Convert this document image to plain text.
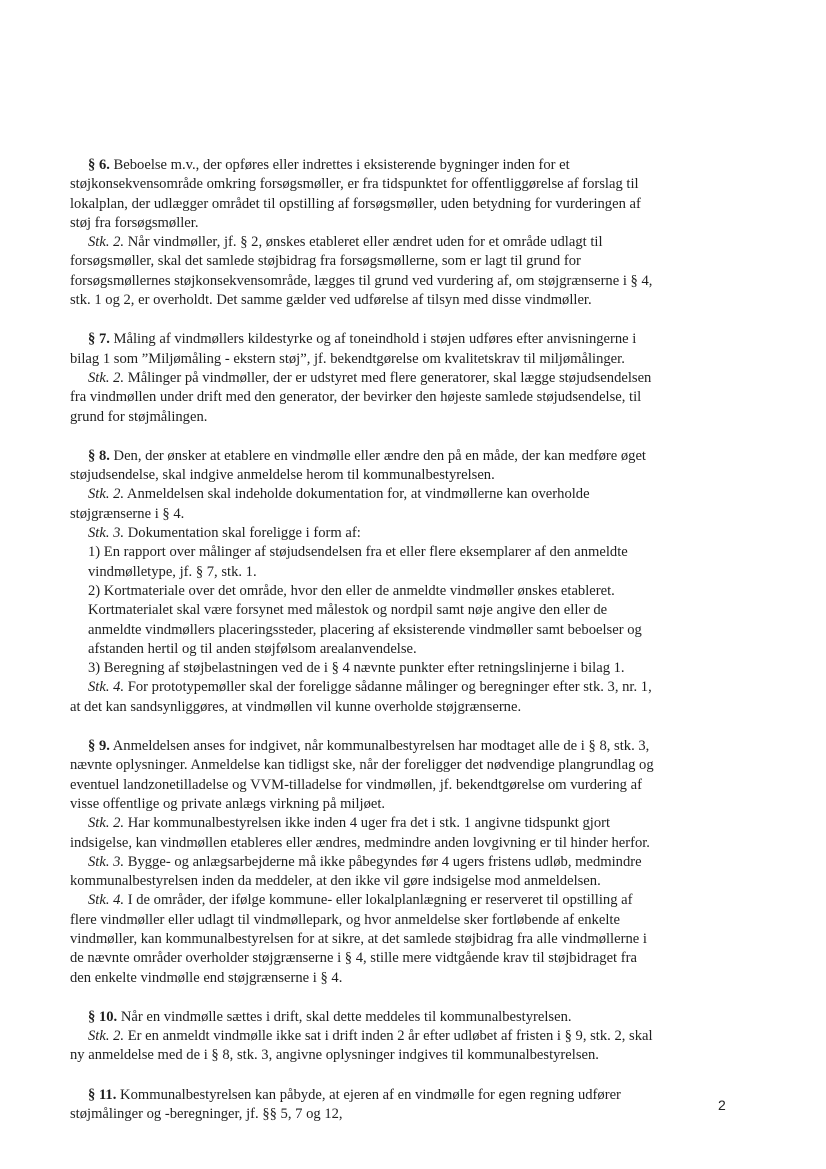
§ 6. Beboelse m.v., der opføres eller indrettes i eksisterende bygninger inden for et
støjkonsekvensområde omkring forsøgsmøller, er fra tidspunktet for offentliggørelse af forslag til
lokalplan, der udlægger området til opstilling af forsøgsmøller, uden betydning for vurderingen af
støj fra forsøgsmøller.
Stk. 2. Når vindmøller, jf. § 2, ønskes etableret eller ændret uden for et område udlagt til
forsøgsmøller, skal det samlede støjbidrag fra forsøgsmøllerne, som er lagt til grund for
forsøgsmøllernes støjkonsekvensområde, lægges til grund ved vurdering af, om støjgrænserne i § 4,
stk. 1 og 2, er overholdt. Det samme gælder ved udførelse af tilsyn med disse vindmøller.
§ 7. Måling af vindmøllers kildestyrke og af toneindhold i støjen udføres efter anvisningerne i
bilag 1 som ”Miljømåling - ekstern støj”, jf. bekendtgørelse om kvalitetskrav til miljømålinger.
Stk. 2. Målinger på vindmøller, der er udstyret med flere generatorer, skal lægge støjudsendelsen
fra vindmøllen under drift med den generator, der bevirker den højeste samlede støjudsendelse, til
grund for støjmålingen.
§ 8. Den, der ønsker at etablere en vindmølle eller ændre den på en måde, der kan medføre øget
støjudsendelse, skal indgive anmeldelse herom til kommunalbestyrelsen.
Stk. 2. Anmeldelsen skal indeholde dokumentation for, at vindmøllerne kan overholde
støjgrænserne i § 4.
Stk. 3. Dokumentation skal foreligge i form af:
1) En rapport over målinger af støjudsendelsen fra et eller flere eksemplarer af den anmeldte
vindmølletype, jf. § 7, stk. 1.
2) Kortmateriale over det område, hvor den eller de anmeldte vindmøller ønskes etableret.
Kortmaterialet skal være forsynet med målestok og nordpil samt nøje angive den eller de
anmeldte vindmøllers placeringssteder, placering af eksisterende vindmøller samt beboelser og
afstanden hertil og til anden støjfølsom arealanvendelse.
3) Beregning af støjbelastningen ved de i § 4 nævnte punkter efter retningslinjerne i bilag 1.
Stk. 4. For prototypemøller skal der foreligge sådanne målinger og beregninger efter stk. 3, nr. 1,
at det kan sandsynliggøres, at vindmøllen vil kunne overholde støjgrænserne.
§ 9. Anmeldelsen anses for indgivet, når kommunalbestyrelsen har modtaget alle de i § 8, stk. 3,
nævnte oplysninger. Anmeldelse kan tidligst ske, når der foreligger det nødvendige plangrundlag og
eventuel landzonetilladelse og VVM-tilladelse for vindmøllen, jf. bekendtgørelse om vurdering af
visse offentlige og private anlægs virkning på miljøet.
Stk. 2. Har kommunalbestyrelsen ikke inden 4 uger fra det i stk. 1 angivne tidspunkt gjort
indsigelse, kan vindmøllen etableres eller ændres, medmindre anden lovgivning er til hinder herfor.
Stk. 3. Bygge- og anlægsarbejderne må ikke påbegyndes før 4 ugers fristens udløb, medmindre
kommunalbestyrelsen inden da meddeler, at den ikke vil gøre indsigelse mod anmeldelsen.
Stk. 4. I de områder, der ifølge kommune- eller lokalplanlægning er reserveret til opstilling af
flere vindmøller eller udlagt til vindmøllepark, og hvor anmeldelse sker fortløbende af enkelte
vindmøller, kan kommunalbestyrelsen for at sikre, at det samlede støjbidrag fra alle vindmøllerne i
de nævnte områder overholder støjgrænserne i § 4, stille mere vidtgående krav til støjbidraget fra
den enkelte vindmølle end støjgrænserne i § 4.
§ 10. Når en vindmølle sættes i drift, skal dette meddeles til kommunalbestyrelsen.
Stk. 2. Er en anmeldt vindmølle ikke sat i drift inden 2 år efter udløbet af fristen i § 9, stk. 2, skal
ny anmeldelse med de i § 8, stk. 3, angivne oplysninger indgives til kommunalbestyrelsen.
§ 11. Kommunalbestyrelsen kan påbyde, at ejeren af en vindmølle for egen regning udfører
støjmålinger og -beregninger, jf. §§ 5, 7 og 12,
2
